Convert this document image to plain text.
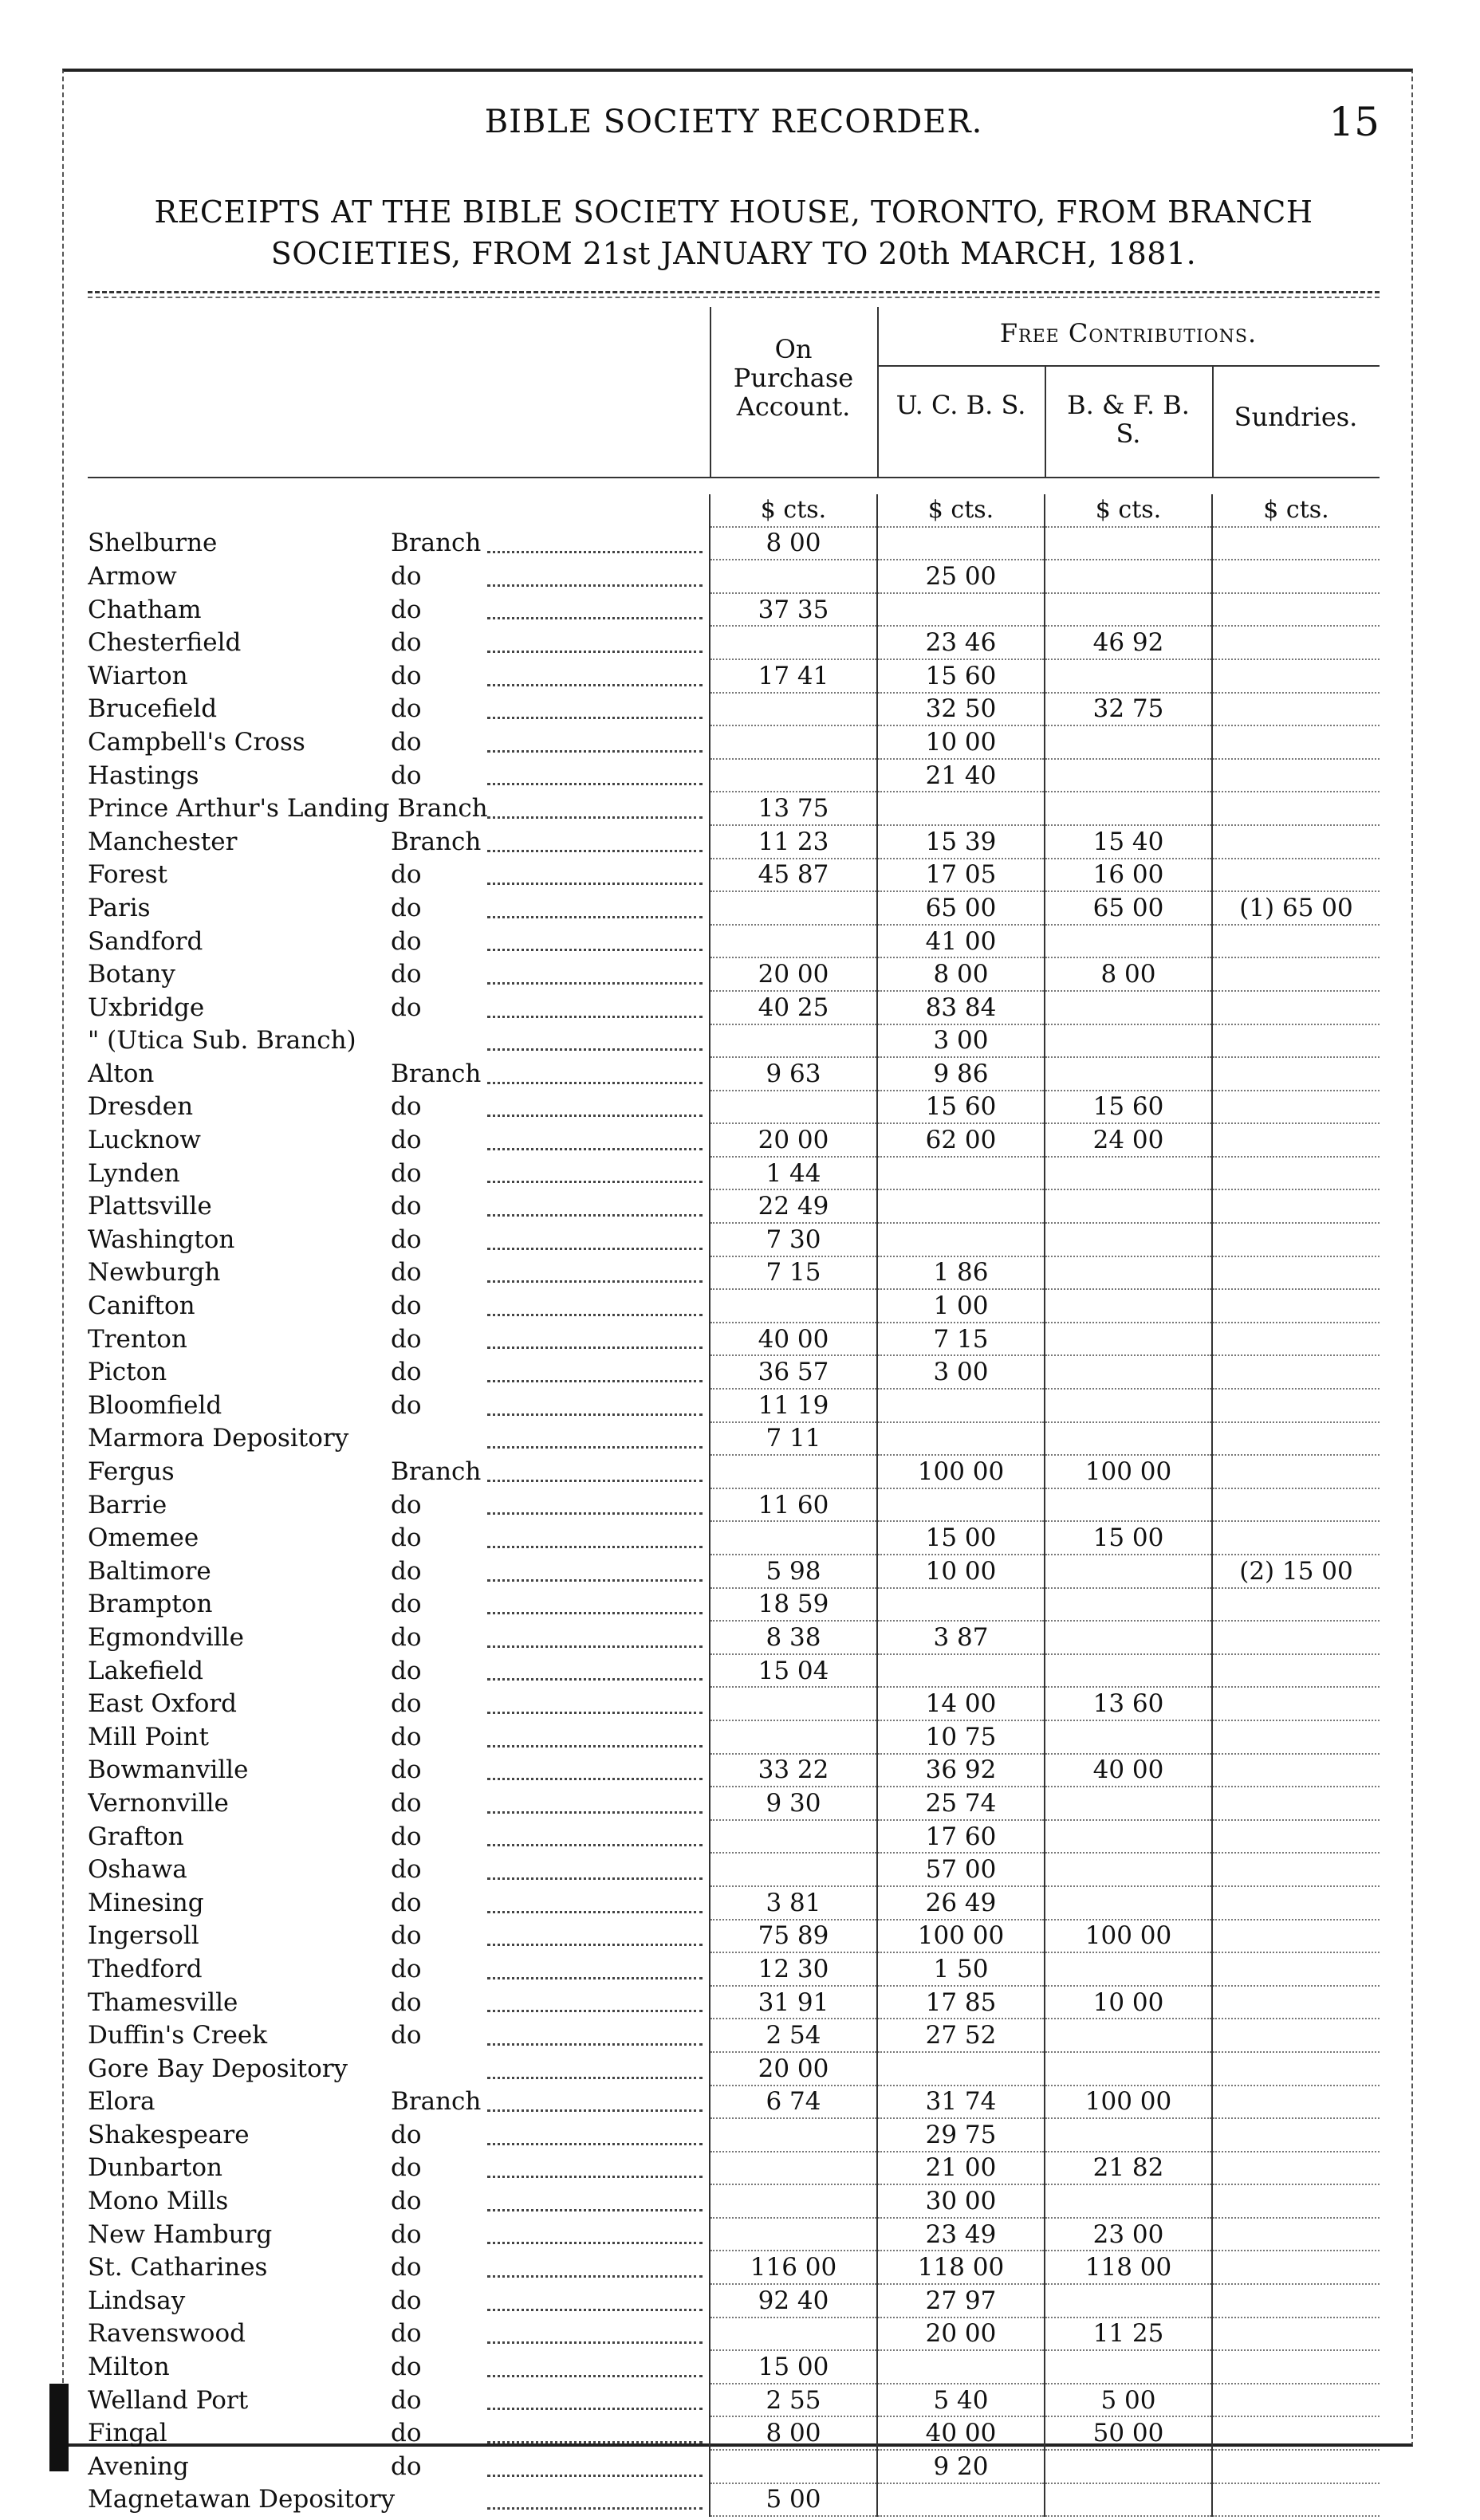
BIBLE SOCIETY RECORDER.	15
RECEIPTS AT THE BIBLE SOCIETY HOUSE, TORONTO, FROM BRANCH
SOCIETIES, FROM 21st JANUARY TO 20th MARCH, 1881.
On Purchase Account.
Free Contributions.
U. C. B. S.	B. & F. B. S.
Sundries.
	$ cts.	$ cts.	$ cts.	$ cts.
Shelburne Branch	8 00			
Armow do		25 00		
Chatham do	37 35			
Chesterfield do		23 46	46 92	
Wiarton do	17 41	15 60		
Brucefield do		32 50	32 75	
Campbell's Cross do		10 00		
Hastings do		21 40		
Prince Arthur's Landing Branch	13 75			
Manchester Branch	11 23	15 39	15 40	
Forest do	45 87	17 05	16 00	
Paris do		65 00	65 00	(1) 65 00
Sandford do		41 00		
Botany do	20 00	8 00	8 00	
Uxbridge do	40 25	83 84		
" (Utica Sub. Branch)		3 00		
Alton Branch	9 63	9 86		
Dresden do		15 60	15 60	
Lucknow do	20 00	62 00	24 00	
Lynden do	1 44			
Plattsville do	22 49			
Washington do	7 30			
Newburgh do	7 15	1 86		
Canifton do		1 00		
Trenton do	40 00	7 15		
Picton do	36 57	3 00		
Bloomfield do	11 19			
Marmora Depository	7 11			
Fergus Branch		100 00	100 00	
Barrie do	11 60			
Omemee do		15 00	15 00	
Baltimore do	5 98	10 00		(2) 15 00
Brampton do	18 59			
Egmondville do	8 38	3 87		
Lakefield do	15 04			
East Oxford do		14 00	13 60	
Mill Point do		10 75		
Bowmanville do	33 22	36 92	40 00	
Vernonville do	9 30	25 74		
Grafton do		17 60		
Oshawa do		57 00		
Minesing do	3 81	26 49		
Ingersoll do	75 89	100 00	100 00	
Thedford do	12 30	1 50		
Thamesville do	31 91	17 85	10 00	
Duffin's Creek do	2 54	27 52		
Gore Bay Depository	20 00			
Elora Branch	6 74	31 74	100 00	
Shakespeare do		29 75		
Dunbarton do		21 00	21 82	
Mono Mills do		30 00		
New Hamburg do		23 49	23 00	
St. Catharines do	116 00	118 00	118 00	
Lindsay do	92 40	27 97		
Ravenswood do		20 00	11 25	
Milton do	15 00			
Welland Port do	2 55	5 40	5 00	
Fingal do	8 00	40 00	50 00	
Avening do		9 20		
Magnetawan Depository	5 00			
